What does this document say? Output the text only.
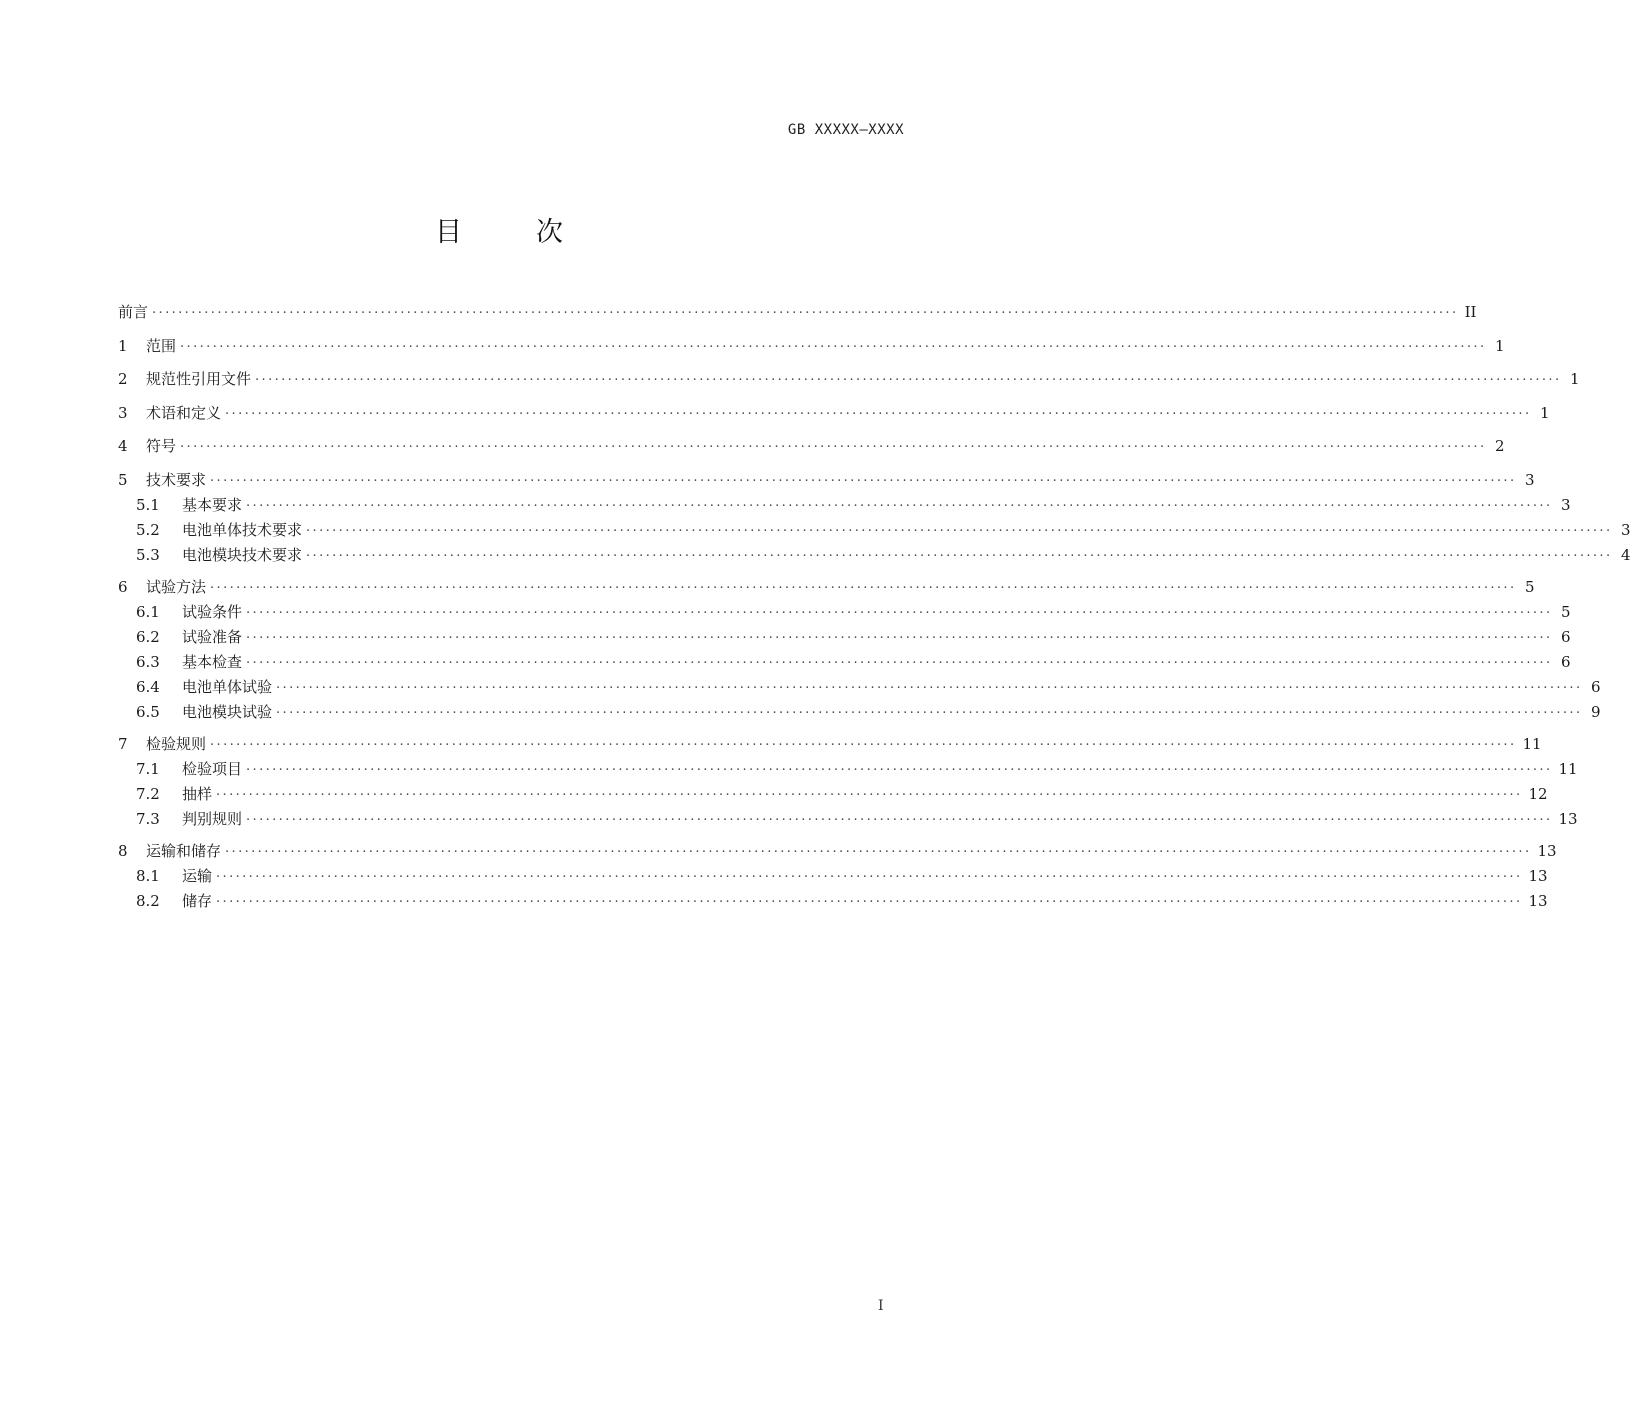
GB XXXXX—XXXX
目	次
前言 ........................................................................................................................................................................................................ II
1	范围 ........................................................................................................................................................................................................ 1
2	规范性引用文件 ........................................................................................................................................................................................................ 1
3	术语和定义 ........................................................................................................................................................................................................ 1
4	符号 ........................................................................................................................................................................................................ 2
5	技术要求 ........................................................................................................................................................................................................ 3
5.1	基本要求 ........................................................................................................................................................................................................ 3
5.2	电池单体技术要求 ........................................................................................................................................................................................................ 3
5.3	电池模块技术要求 ........................................................................................................................................................................................................ 4
6	试验方法 ........................................................................................................................................................................................................ 5
6.1	试验条件 ........................................................................................................................................................................................................ 5
6.2	试验准备 ........................................................................................................................................................................................................ 6
6.3	基本检查 ........................................................................................................................................................................................................ 6
6.4	电池单体试验 ........................................................................................................................................................................................................ 6
6.5	电池模块试验 ........................................................................................................................................................................................................ 9
7	检验规则 ........................................................................................................................................................................................................ 11
7.1	检验项目 ........................................................................................................................................................................................................ 11
7.2	抽样 ........................................................................................................................................................................................................ 12
7.3	判别规则 ........................................................................................................................................................................................................ 13
8	运输和储存 ........................................................................................................................................................................................................ 13
8.1	运输 ........................................................................................................................................................................................................ 13
8.2	储存 ........................................................................................................................................................................................................ 13
I
